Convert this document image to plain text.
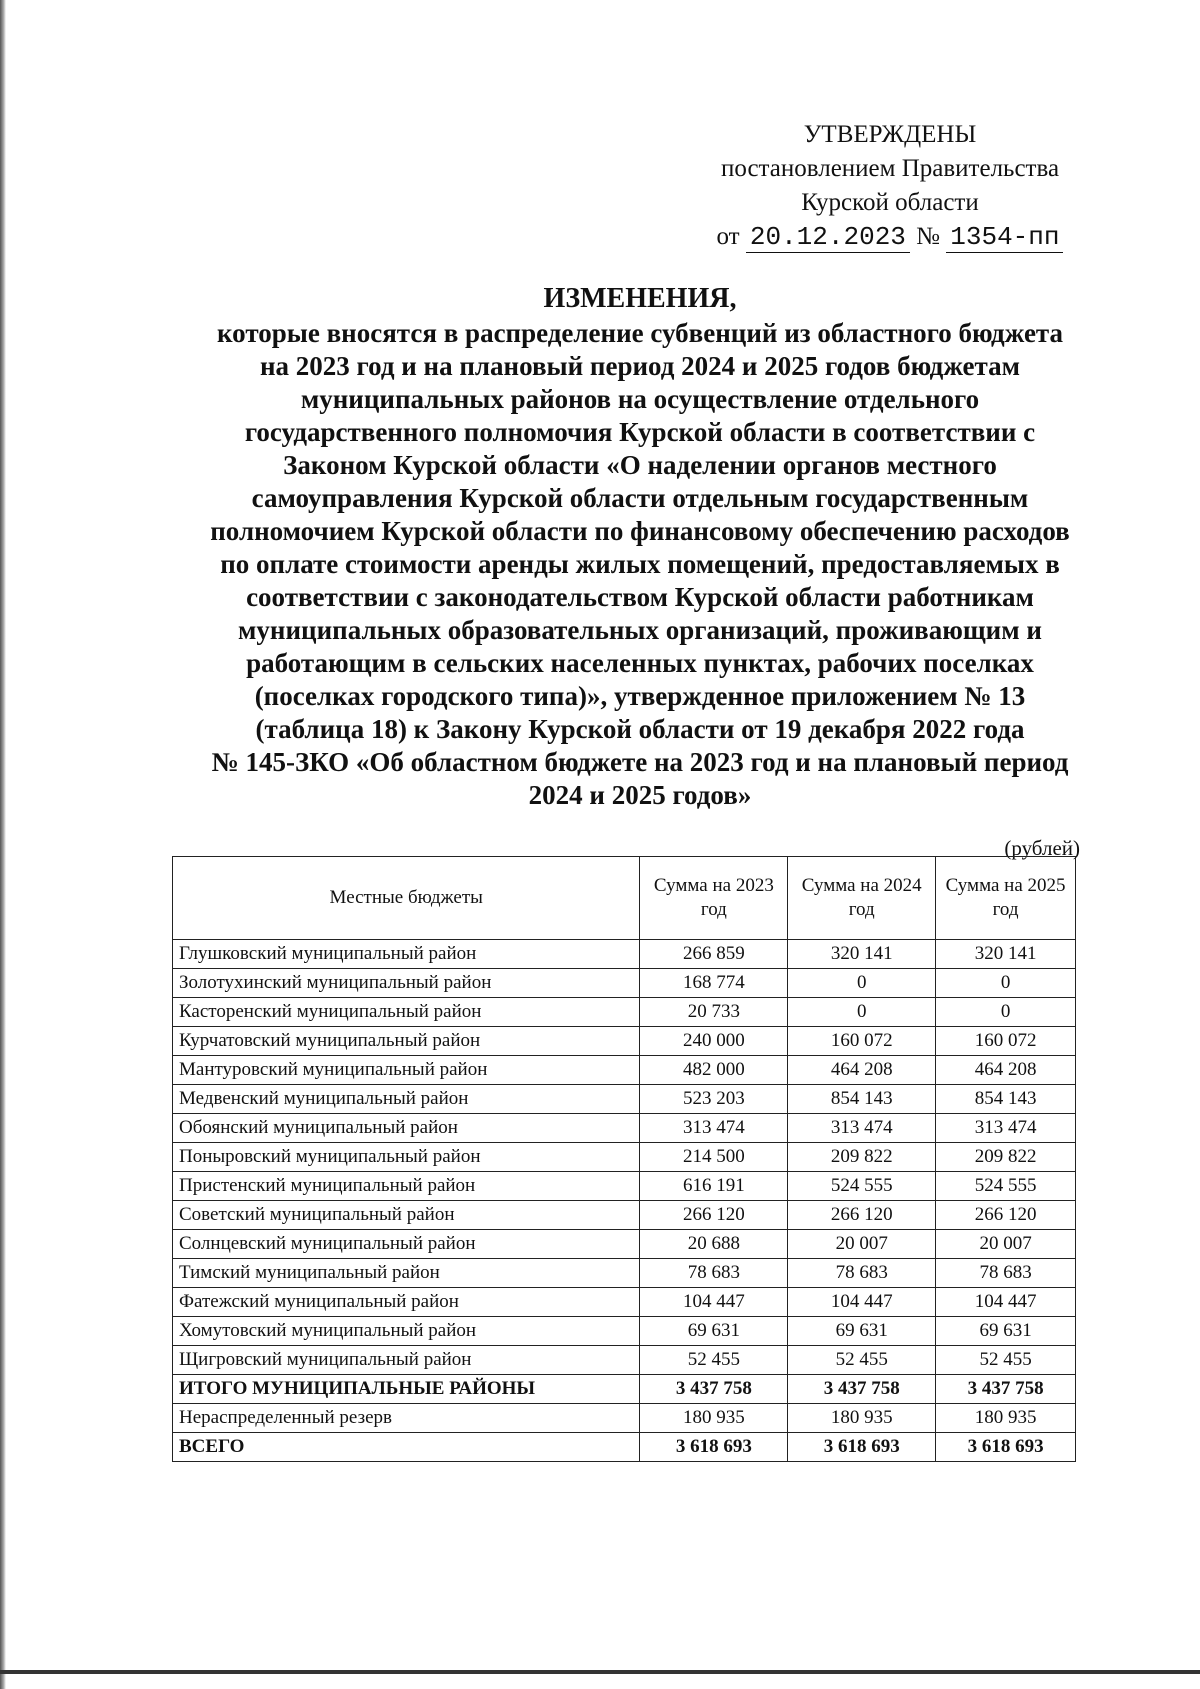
УТВЕРЖДЕНЫ
постановлением Правительства
Курской области
от 20.12.2023 № 1354-пп
ИЗМЕНЕНИЯ,
которые вносятся в распределение субвенций из областного бюджета
на 2023 год и на плановый период 2024 и 2025 годов бюджетам
муниципальных районов на осуществление отдельного
государственного полномочия Курской области в соответствии с
Законом Курской области «О наделении органов местного
самоуправления Курской области отдельным государственным
полномочием Курской области по финансовому обеспечению расходов
по оплате стоимости аренды жилых помещений, предоставляемых в
соответствии с законодательством Курской области работникам
муниципальных образовательных организаций, проживающим и
работающим в сельских населенных пунктах, рабочих поселках
(поселках городского типа)», утвержденное приложением № 13
(таблица 18) к Закону Курской области от 19 декабря 2022 года
№ 145-ЗКО «Об областном бюджете на 2023 год и на плановый период
2024 и 2025 годов»
(рублей)
Местные бюджеты	Сумма на 2023 год	Сумма на 2024 год	Сумма на 2025 год
Глушковский муниципальный район	266 859	320 141	320 141
Золотухинский муниципальный район	168 774	0	0
Касторенский муниципальный район	20 733	0	0
Курчатовский муниципальный район	240 000	160 072	160 072
Мантуровский муниципальный район	482 000	464 208	464 208
Медвенский муниципальный район	523 203	854 143	854 143
Обоянский муниципальный район	313 474	313 474	313 474
Поныровский муниципальный район	214 500	209 822	209 822
Пристенский муниципальный район	616 191	524 555	524 555
Советский муниципальный район	266 120	266 120	266 120
Солнцевский муниципальный район	20 688	20 007	20 007
Тимский муниципальный район	78 683	78 683	78 683
Фатежский муниципальный район	104 447	104 447	104 447
Хомутовский муниципальный район	69 631	69 631	69 631
Щигровский муниципальный район	52 455	52 455	52 455
ИТОГО МУНИЦИПАЛЬНЫЕ РАЙОНЫ	3 437 758	3 437 758	3 437 758
Нераспределенный резерв	180 935	180 935	180 935
ВСЕГО	3 618 693	3 618 693	3 618 693
